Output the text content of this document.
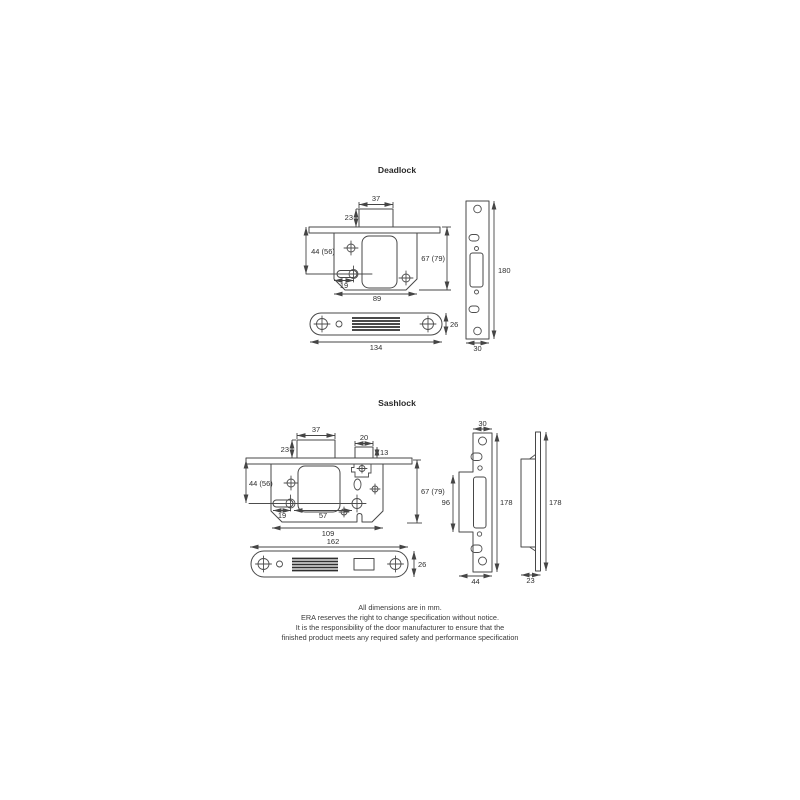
Deadlock
37
23
44 (56)
67 (79)
19
89
26
134
180
30
Sashlock
37
23
20
13
44 (56)
67 (79)
19	57
109
162
26
30
96	178
44
178
23
All dimensions are in mm.
ERA reserves the right to change specification without notice.
It is the responsibility of the door manufacturer to ensure that the
finished product meets any required safety and performance specification
